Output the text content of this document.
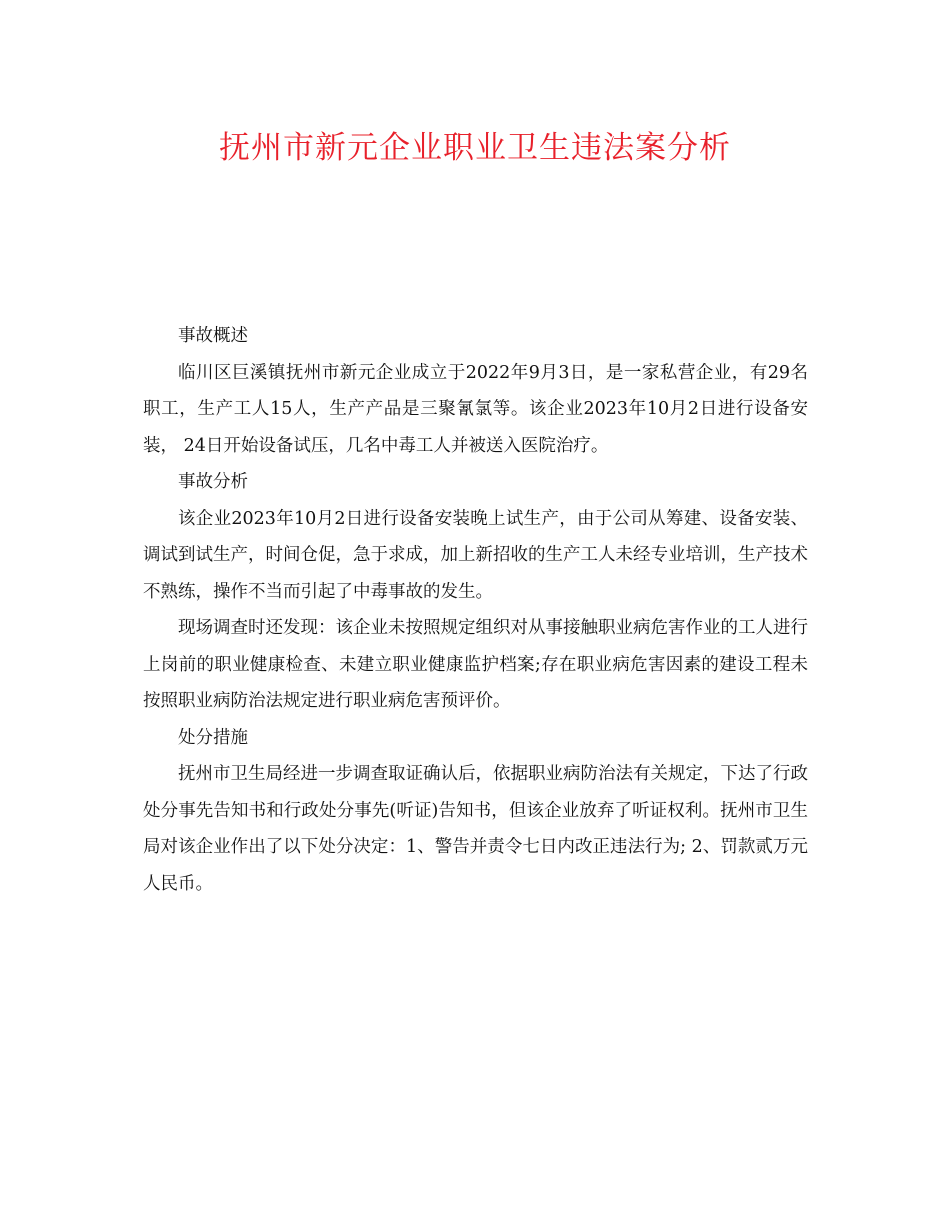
抚州市新元企业职业卫生违法案分析

事故概述

临川区巨溪镇抚州市新元企业成立于2022年9月3日，是一家私营企业，有29名职工，生产工人15人，生产产品是三聚氰氯等。该企业2023年10月2日进行设备安装， 24日开始设备试压，几名中毒工人并被送入医院治疗。

事故分析

该企业2023年10月2日进行设备安装晚上试生产，由于公司从筹建、设备安装、调试到试生产，时间仓促，急于求成，加上新招收的生产工人未经专业培训，生产技术不熟练，操作不当而引起了中毒事故的发生。

现场调查时还发现：该企业未按照规定组织对从事接触职业病危害作业的工人进行上岗前的职业健康检查、未建立职业健康监护档案;存在职业病危害因素的建设工程未按照职业病防治法规定进行职业病危害预评价。

处分措施

抚州市卫生局经进一步调查取证确认后，依据职业病防治法有关规定，下达了行政处分事先告知书和行政处分事先(听证)告知书，但该企业放弃了听证权利。抚州市卫生局对该企业作出了以下处分决定：1、警告并责令七日内改正违法行为; 2、罚款贰万元人民币。
